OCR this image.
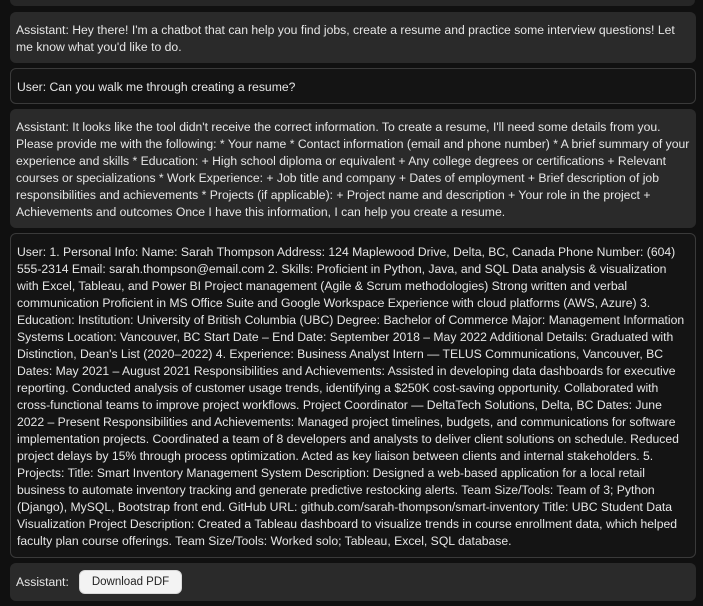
Assistant: Hey there! I'm a chatbot that can help you find jobs, create a resume and practice some interview questions! Let me know what you'd like to do.
User: Can you walk me through creating a resume?
Assistant: It looks like the tool didn't receive the correct information. To create a resume, I'll need some details from you. Please provide me with the following: * Your name * Contact information (email and phone number) * A brief summary of your experience and skills * Education: + High school diploma or equivalent + Any college degrees or certifications + Relevant courses or specializations * Work Experience: + Job title and company + Dates of employment + Brief description of job responsibilities and achievements * Projects (if applicable): + Project name and description + Your role in the project + Achievements and outcomes Once I have this information, I can help you create a resume.
User: 1. Personal Info: Name: Sarah Thompson Address: 124 Maplewood Drive, Delta, BC, Canada Phone Number: (604) 555-2314 Email: sarah.thompson@email.com 2. Skills: Proficient in Python, Java, and SQL Data analysis & visualization with Excel, Tableau, and Power BI Project management (Agile & Scrum methodologies) Strong written and verbal communication Proficient in MS Office Suite and Google Workspace Experience with cloud platforms (AWS, Azure) 3. Education: Institution: University of British Columbia (UBC) Degree: Bachelor of Commerce Major: Management Information Systems Location: Vancouver, BC Start Date – End Date: September 2018 – May 2022 Additional Details: Graduated with Distinction, Dean's List (2020–2022) 4. Experience: Business Analyst Intern — TELUS Communications, Vancouver, BC Dates: May 2021 – August 2021 Responsibilities and Achievements: Assisted in developing data dashboards for executive reporting. Conducted analysis of customer usage trends, identifying a $250K cost-saving opportunity. Collaborated with cross-functional teams to improve project workflows. Project Coordinator — DeltaTech Solutions, Delta, BC Dates: June 2022 – Present Responsibilities and Achievements: Managed project timelines, budgets, and communications for software implementation projects. Coordinated a team of 8 developers and analysts to deliver client solutions on schedule. Reduced project delays by 15% through process optimization. Acted as key liaison between clients and internal stakeholders. 5. Projects: Title: Smart Inventory Management System Description: Designed a web-based application for a local retail business to automate inventory tracking and generate predictive restocking alerts. Team Size/Tools: Team of 3; Python (Django), MySQL, Bootstrap front end. GitHub URL: github.com/sarah-thompson/smart-inventory Title: UBC Student Data Visualization Project Description: Created a Tableau dashboard to visualize trends in course enrollment data, which helped faculty plan course offerings. Team Size/Tools: Worked solo; Tableau, Excel, SQL database.
Assistant:	Download PDF
